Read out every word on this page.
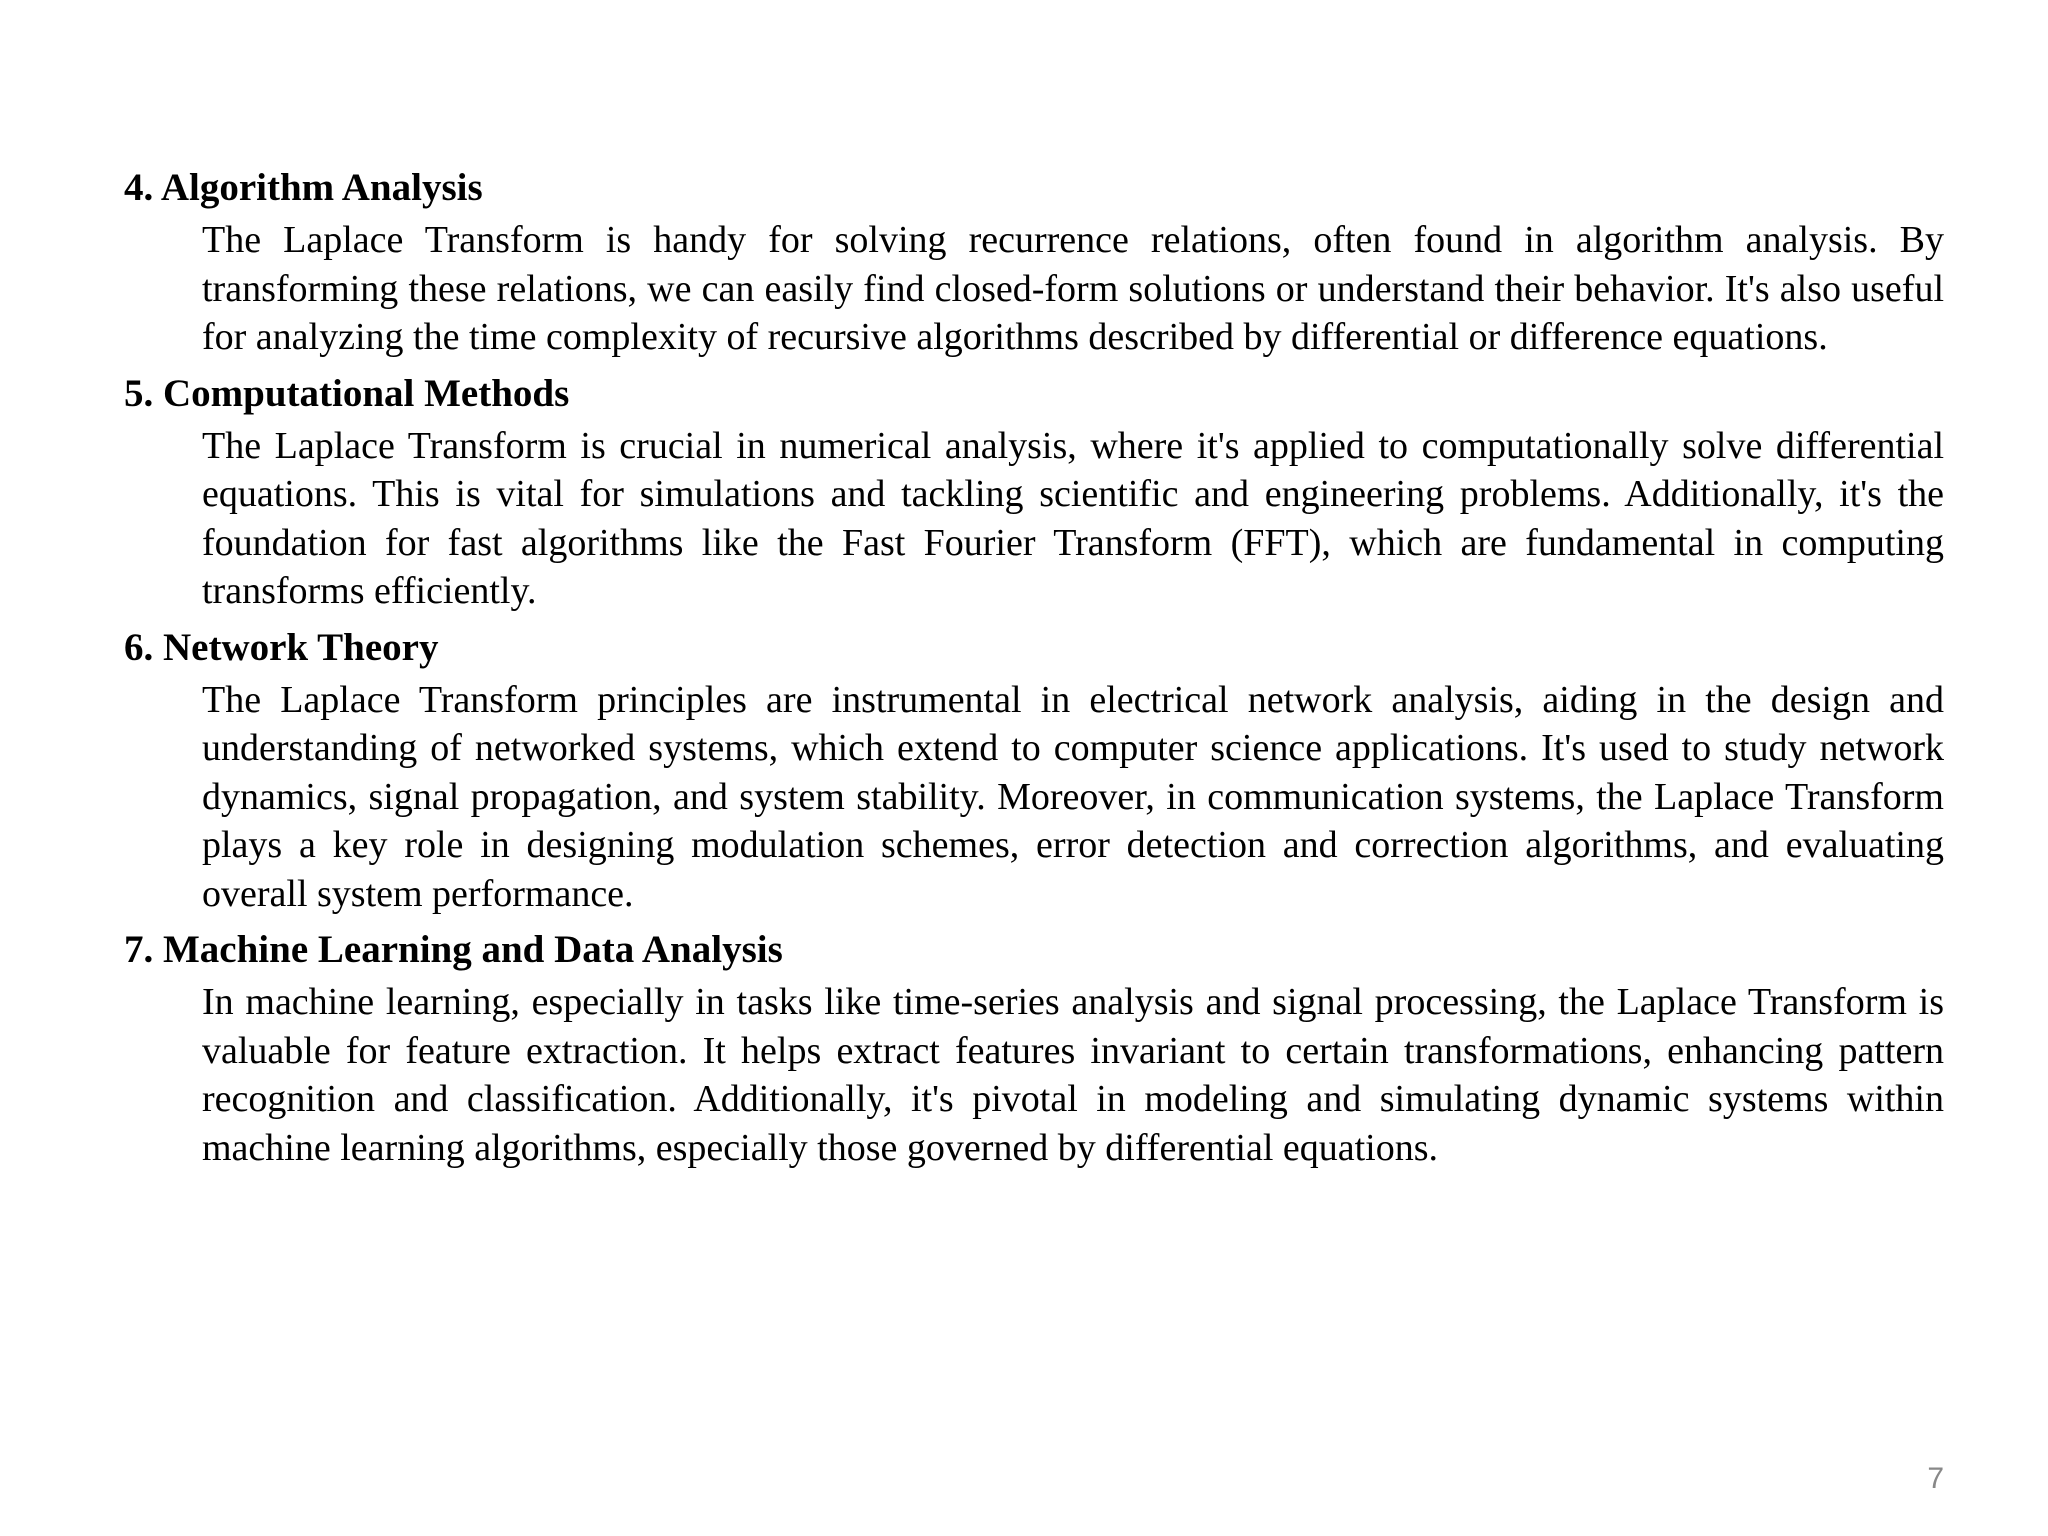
4. Algorithm Analysis

The Laplace Transform is handy for solving recurrence relations, often found in algorithm analysis. By transforming these relations, we can easily find closed-form solutions or understand their behavior. It's also useful for analyzing the time complexity of recursive algorithms described by differential or difference equations.

5. Computational Methods

The Laplace Transform is crucial in numerical analysis, where it's applied to computationally solve differential equations. This is vital for simulations and tackling scientific and engineering problems. Additionally, it's the foundation for fast algorithms like the Fast Fourier Transform (FFT), which are fundamental in computing transforms efficiently.

6. Network Theory

The Laplace Transform principles are instrumental in electrical network analysis, aiding in the design and understanding of networked systems, which extend to computer science applications. It's used to study network dynamics, signal propagation, and system stability. Moreover, in communication systems, the Laplace Transform plays a key role in designing modulation schemes, error detection and correction algorithms, and evaluating overall system performance.

7. Machine Learning and Data Analysis

In machine learning, especially in tasks like time-series analysis and signal processing, the Laplace Transform is valuable for feature extraction. It helps extract features invariant to certain transformations, enhancing pattern recognition and classification. Additionally, it's pivotal in modeling and simulating dynamic systems within machine learning algorithms, especially those governed by differential equations.

7
